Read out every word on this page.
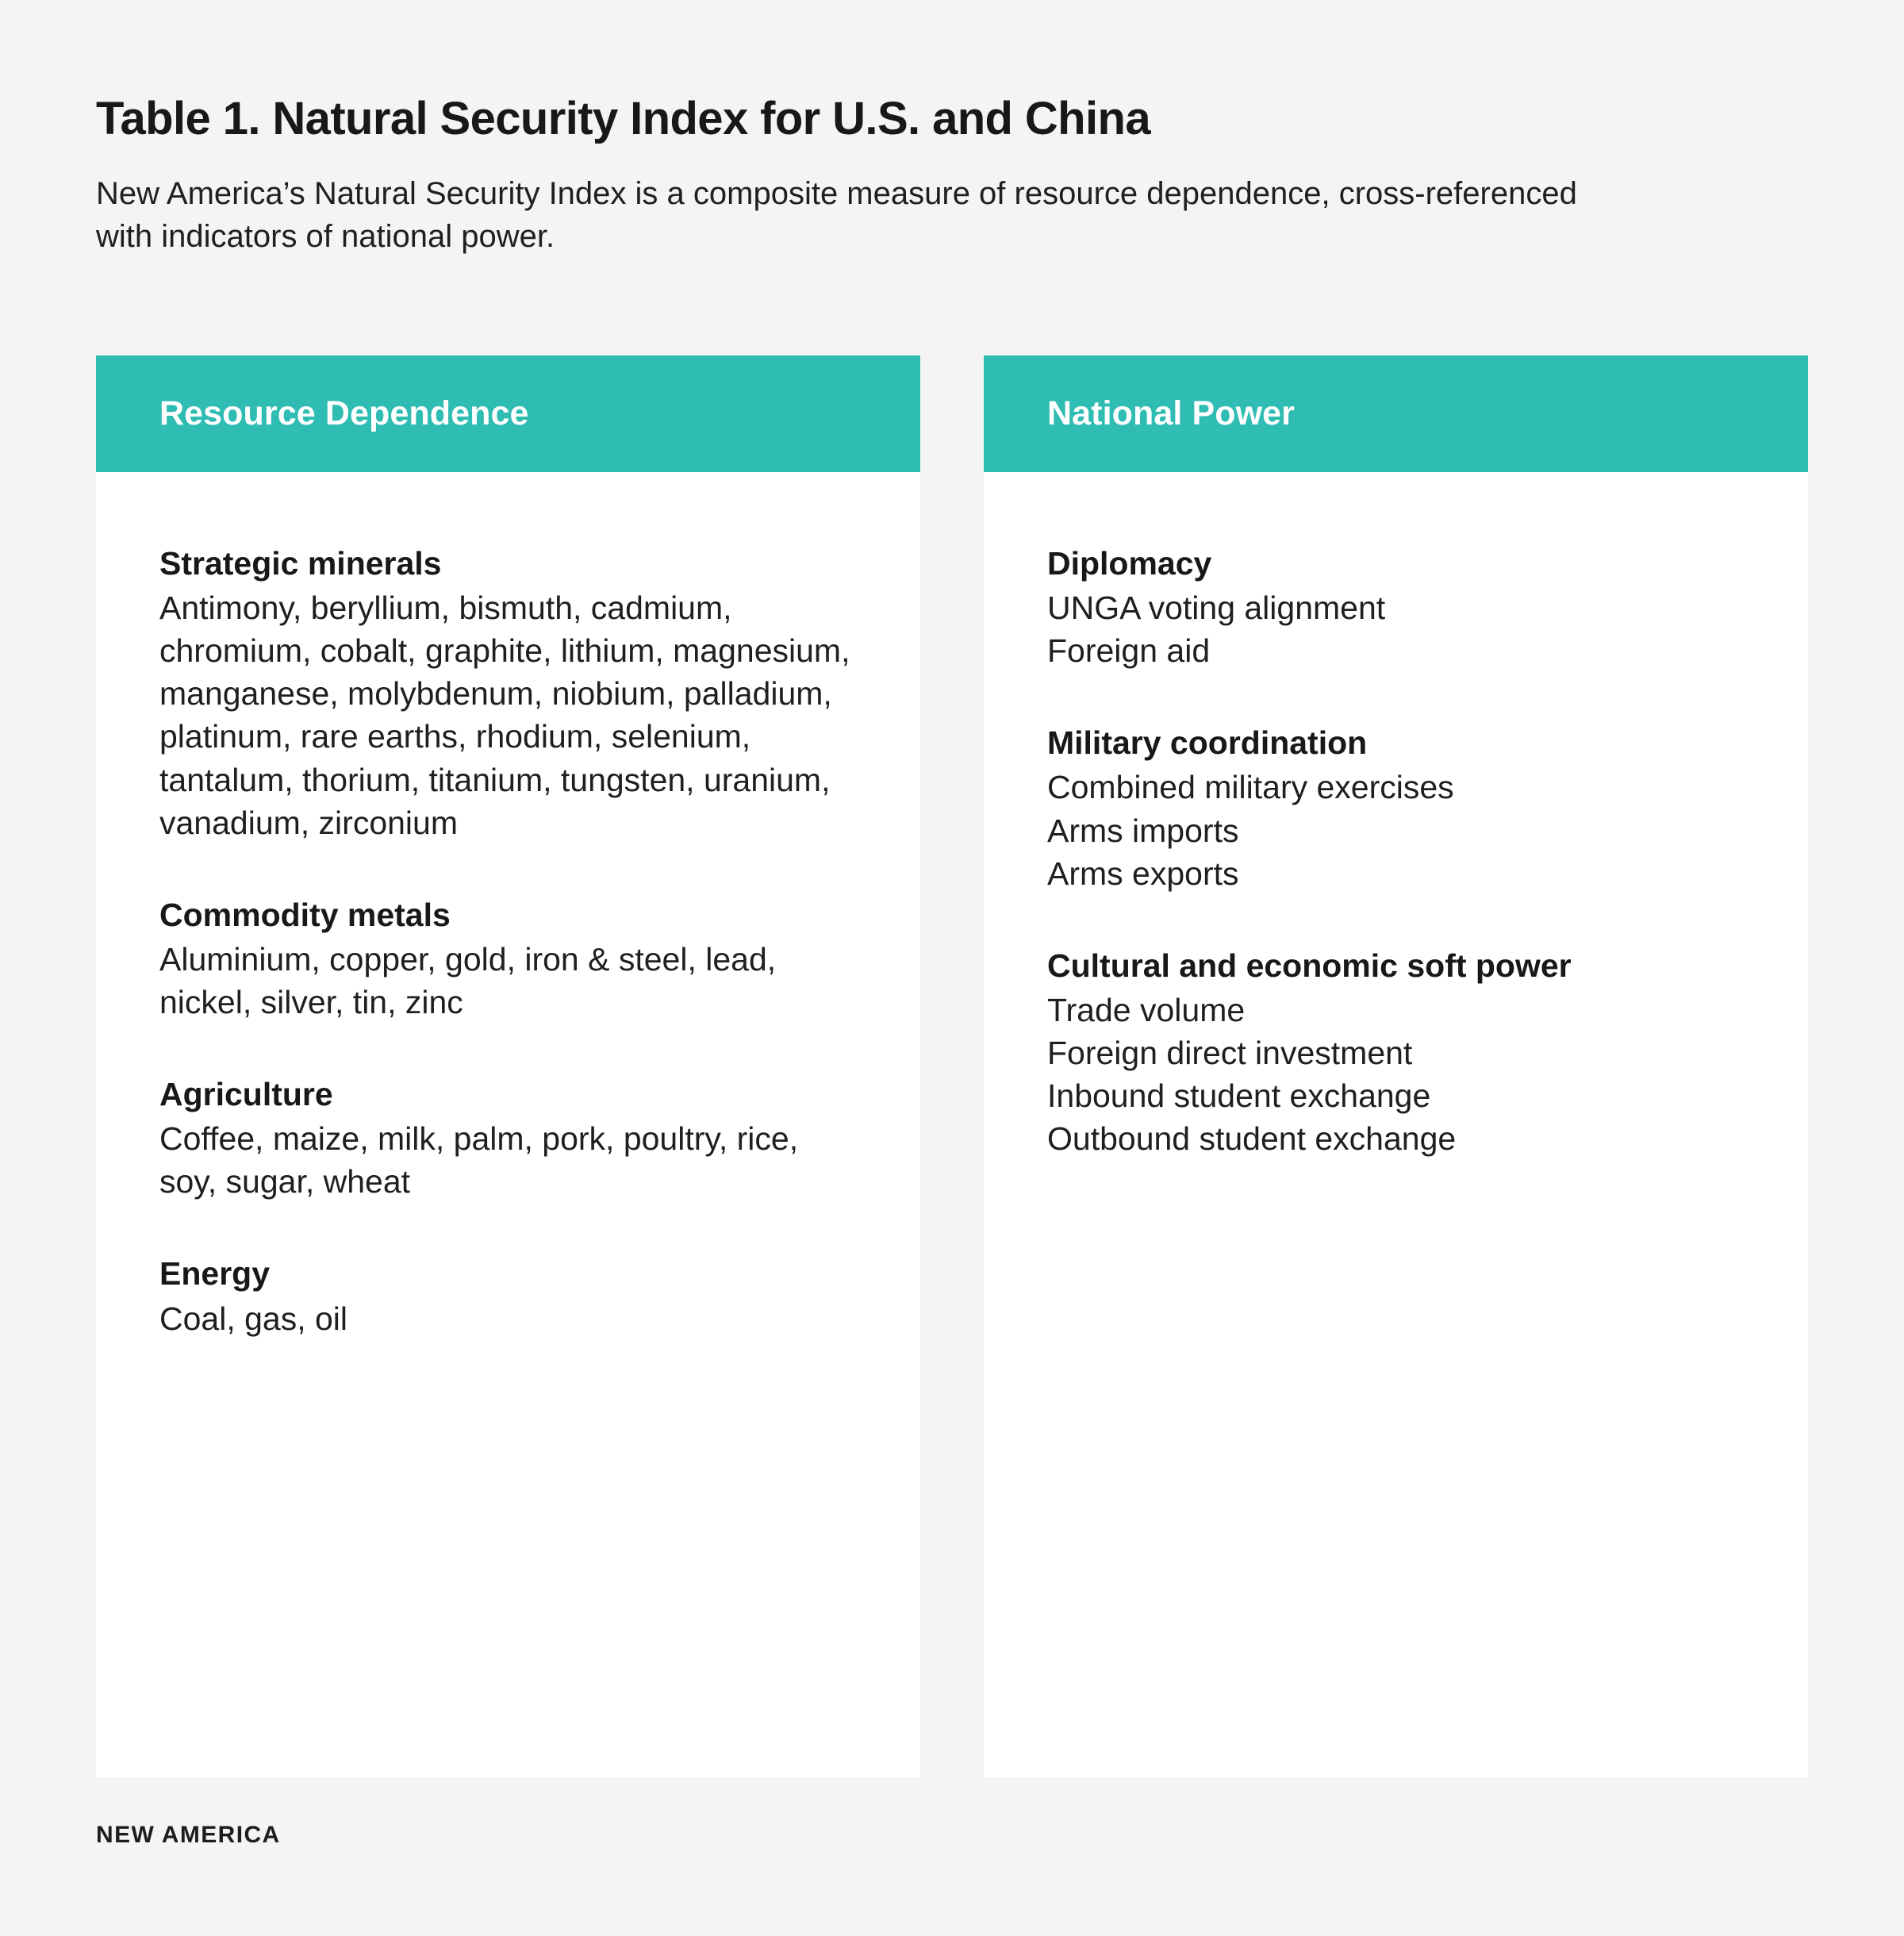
Table 1. Natural Security Index for U.S. and China
New America’s Natural Security Index is a composite measure of resource dependence, cross-referenced with indicators of national power.
Resource Dependence
Strategic minerals
Antimony, beryllium, bismuth, cadmium, chromium, cobalt, graphite, lithium, magnesium, manganese, molybdenum, niobium, palladium, platinum, rare earths, rhodium, selenium, tantalum, thorium, titanium, tungsten, uranium, vanadium, zirconium
Commodity metals
Aluminium, copper, gold, iron & steel, lead, nickel, silver, tin, zinc
Agriculture
Coffee, maize, milk, palm, pork, poultry, rice, soy, sugar, wheat
Energy
Coal, gas, oil
National Power
Diplomacy
UNGA voting alignment
Foreign aid
Military coordination
Combined military exercises
Arms imports
Arms exports
Cultural and economic soft power
Trade volume
Foreign direct investment
Inbound student exchange
Outbound student exchange
NEW AMERICA
